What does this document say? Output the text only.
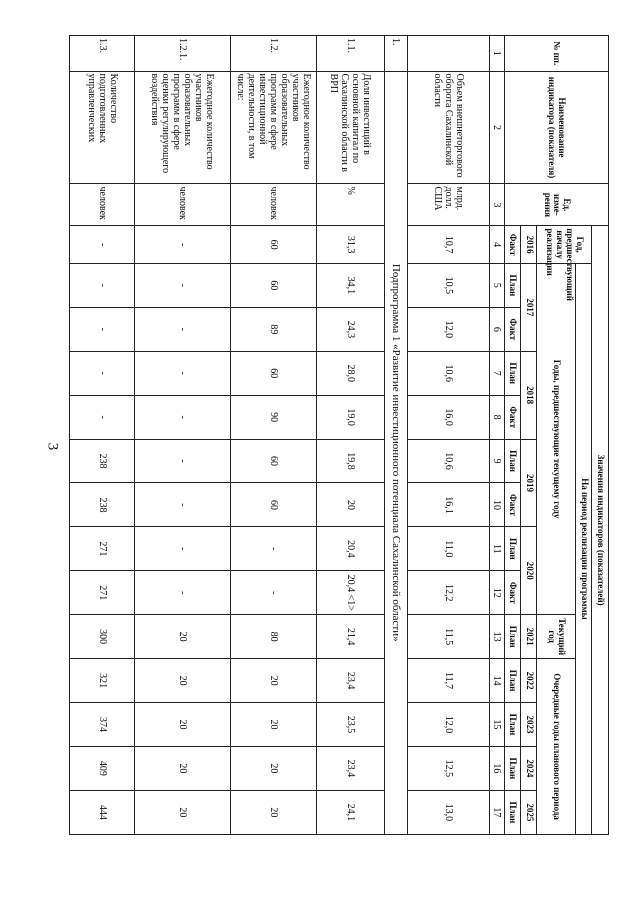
3
№ пп.	Наименование индикатора (показателя)	Ед. изме-рения	Значения индикаторов (показателей)													
			Год, предшествующий началу реализации	На период реализации программы												
				Годы, предшествующие текущему году								Текущий год	Очередные годы планового периода			

			2016	2017		2018		2019		2020		2021	2022	2023	2024	2025
			Факт	План	Факт	План	Факт	План	Факт	План	Факт	План	План	План	План	План
1	2	3	4	5	6	7	8	9	10	11	12	13	14	15	16	17
	Объем внешнеторгового оборота Сахалинской области	млрд. долл. США	10,7	10,5	12,0	10,6	16,0	10,6	16,1	11,0	12,2	11,5	11,7	12,0	12,5	13,0
1.	Подпрограмма 1 «Развитие инвестиционного потенциала Сахалинской области»															
1.1.	Доля инвестиций в основной капитал по Сахалинской области в ВРП	%	31,3	34,1	24,3	28,0	19,0	19,8	20	20,4	20,4 <1>	21,4	23,4	23,5	23,4	24,1
1.2.	Ежегодное количество участников образовательных программ в сфере инвестиционной деятельности, в том числе:	человек	60	60	89	60	90	60	60	-	-	80	20	20	20	20
1.2.1.	Ежегодное количество участников образовательных программ в сфере оценки регулирующего воздействия	человек	-	-	-	-	-	-	-	-	-	20	20	20	20	20
1.3.	Количество подготовленных управленческих	человек	-	-	-	-	-	238	238	271	271	300	321	374	409	444
